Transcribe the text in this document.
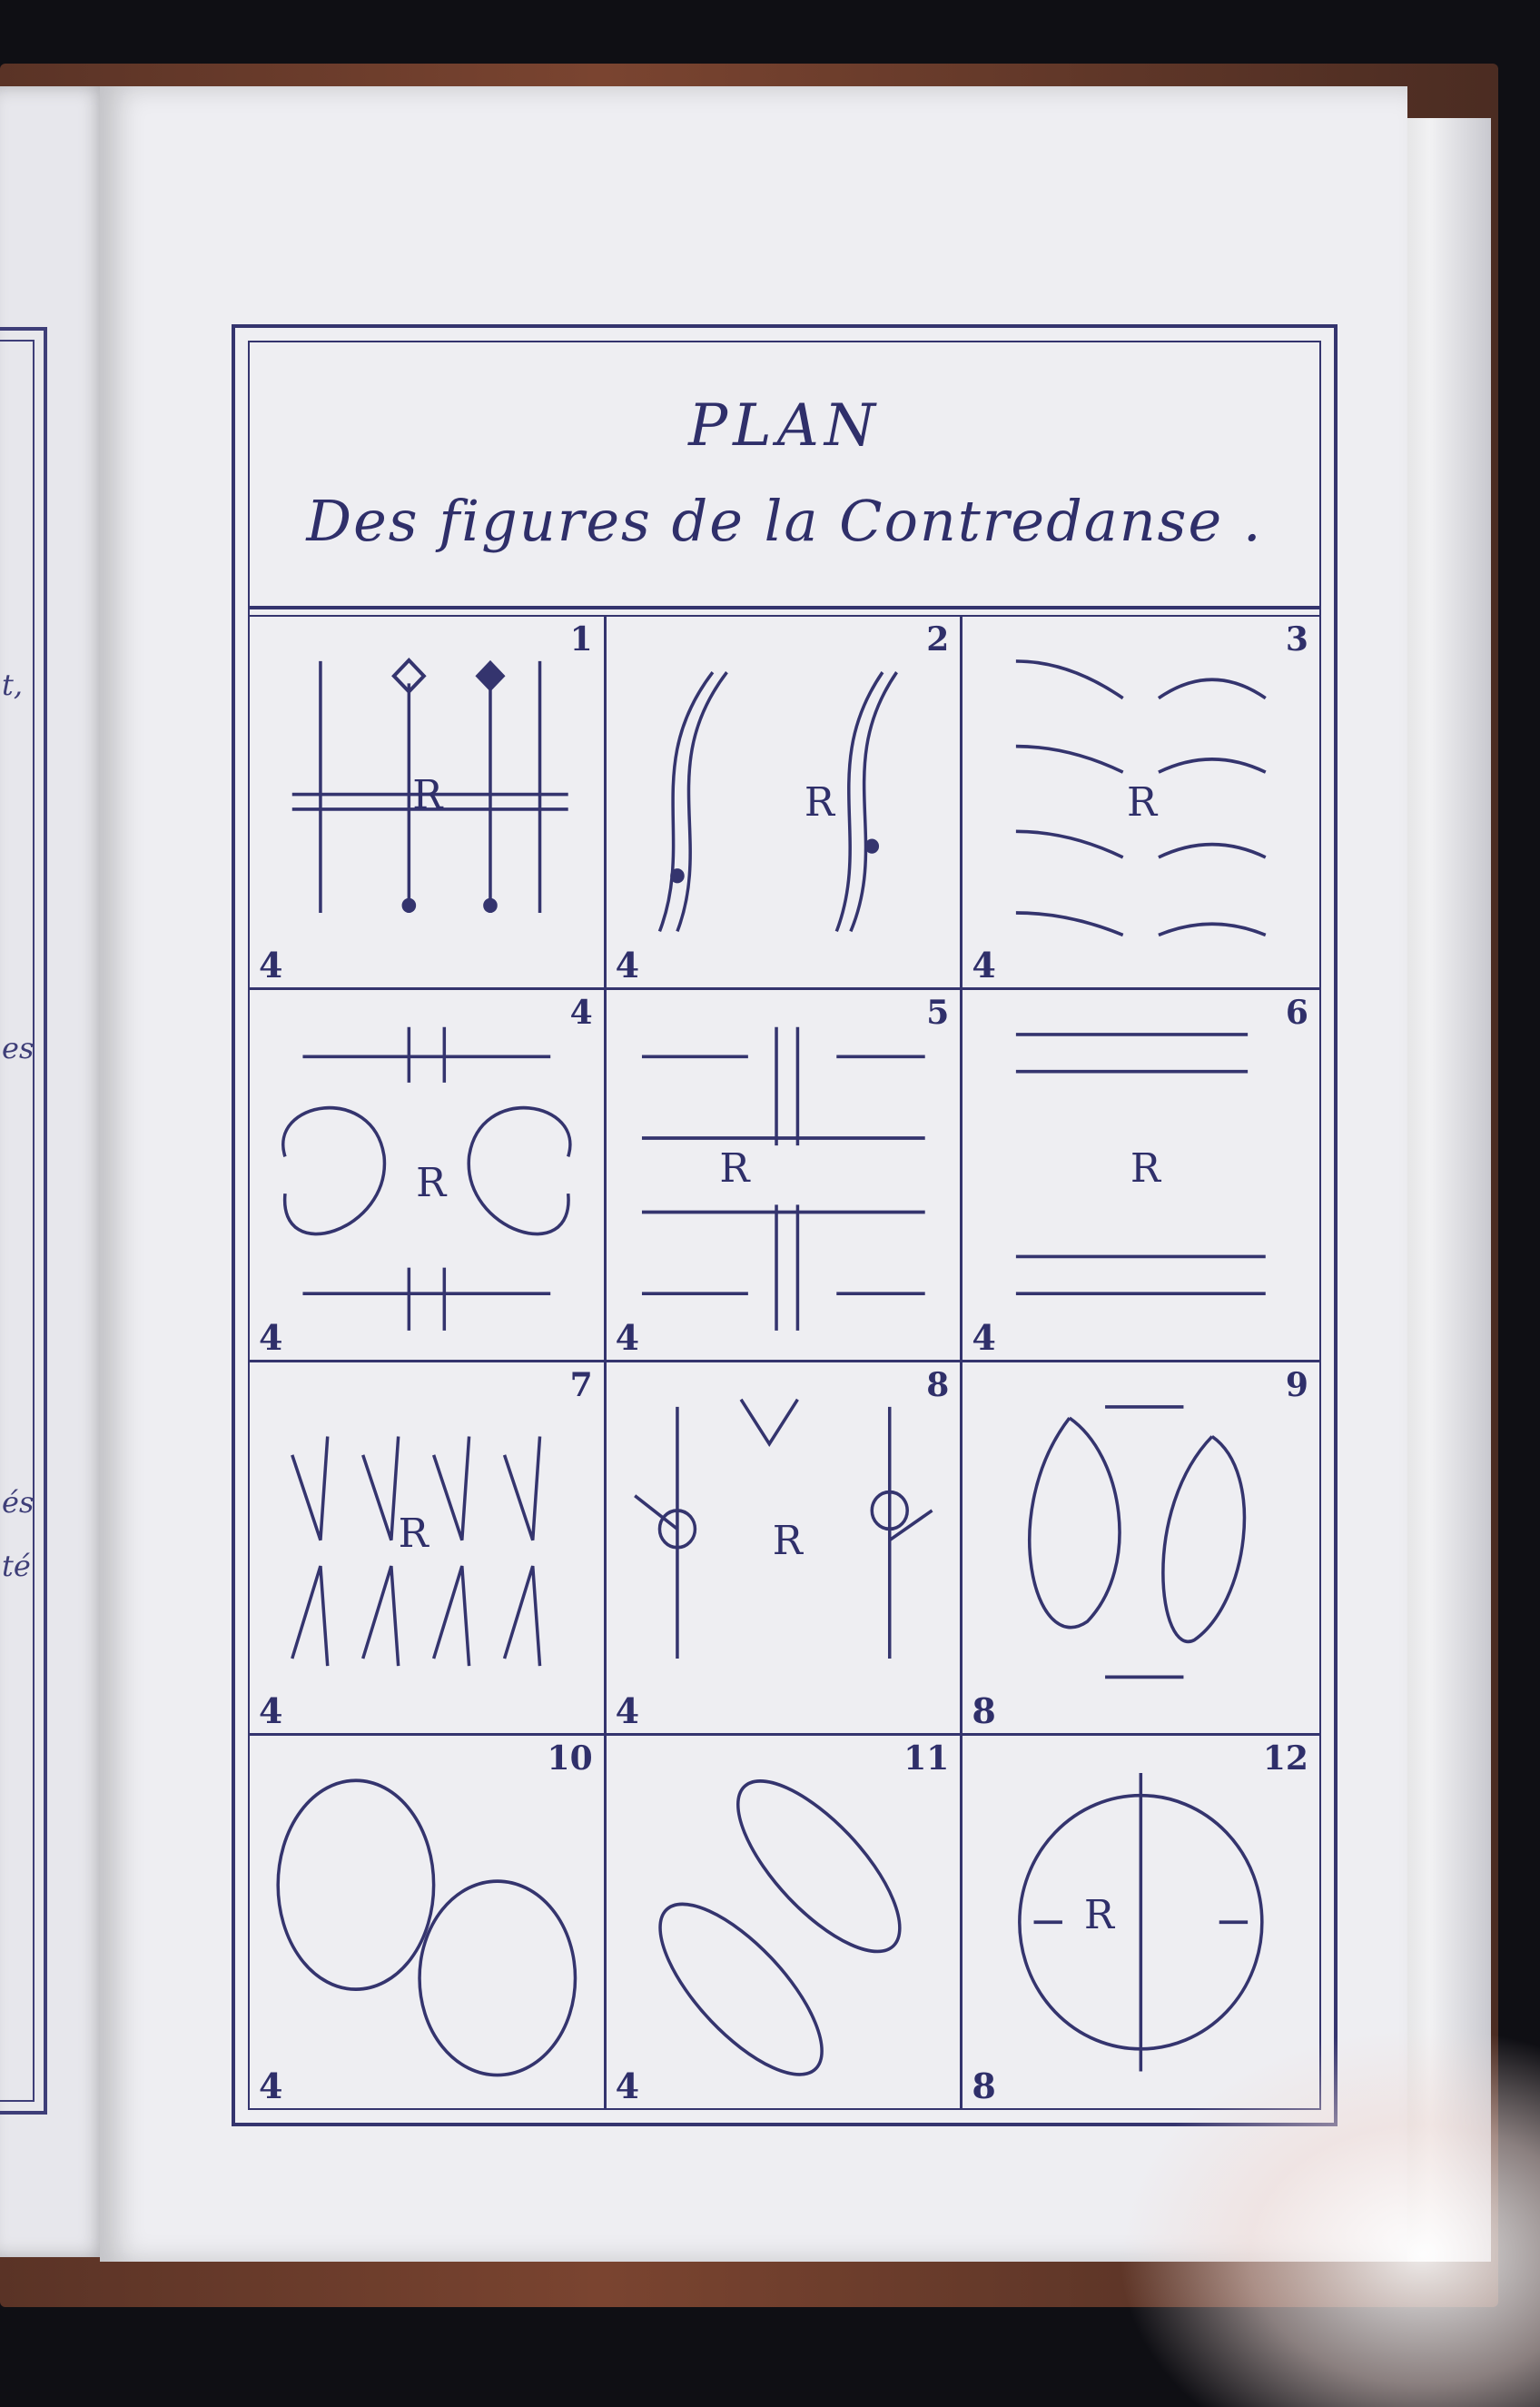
t,
es
és
té
PLAN
Des figures de la Contredanse .
R
1
4
R
2
4
R
3
4
R
4
4
R
5
4
R
6
4
R
7
4
R
8
4
9
8
10
4
11
4
R
12
8
